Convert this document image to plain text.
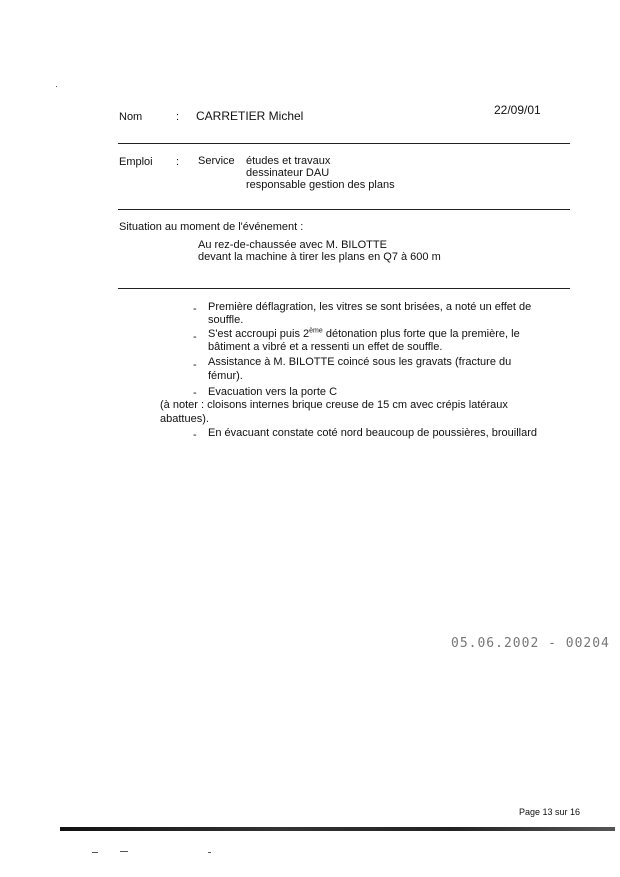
Nom	: CARRETIER Michel	22/09/01
Emploi : Service études et travaux
dessinateur DAU
responsable gestion des plans
Situation au moment de l'événement :
Au rez-de-chaussée avec M. BILOTTE
devant la machine à tirer les plans en Q7 à 600 m
- Première déflagration, les vitres se sont brisées, a noté un effet de
souffle.
- S'est accroupi puis 2ème détonation plus forte que la première, le
bâtiment a vibré et a ressenti un effet de souffle.
- Assistance à M. BILOTTE coincé sous les gravats (fracture du
fémur).
- Evacuation vers la porte C
(à noter : cloisons internes brique creuse de 15 cm avec crépis latéraux
abattues).
- En évacuant constate coté nord beaucoup de poussières, brouillard
05.06.2002 - 00204
Page 13 sur 16
